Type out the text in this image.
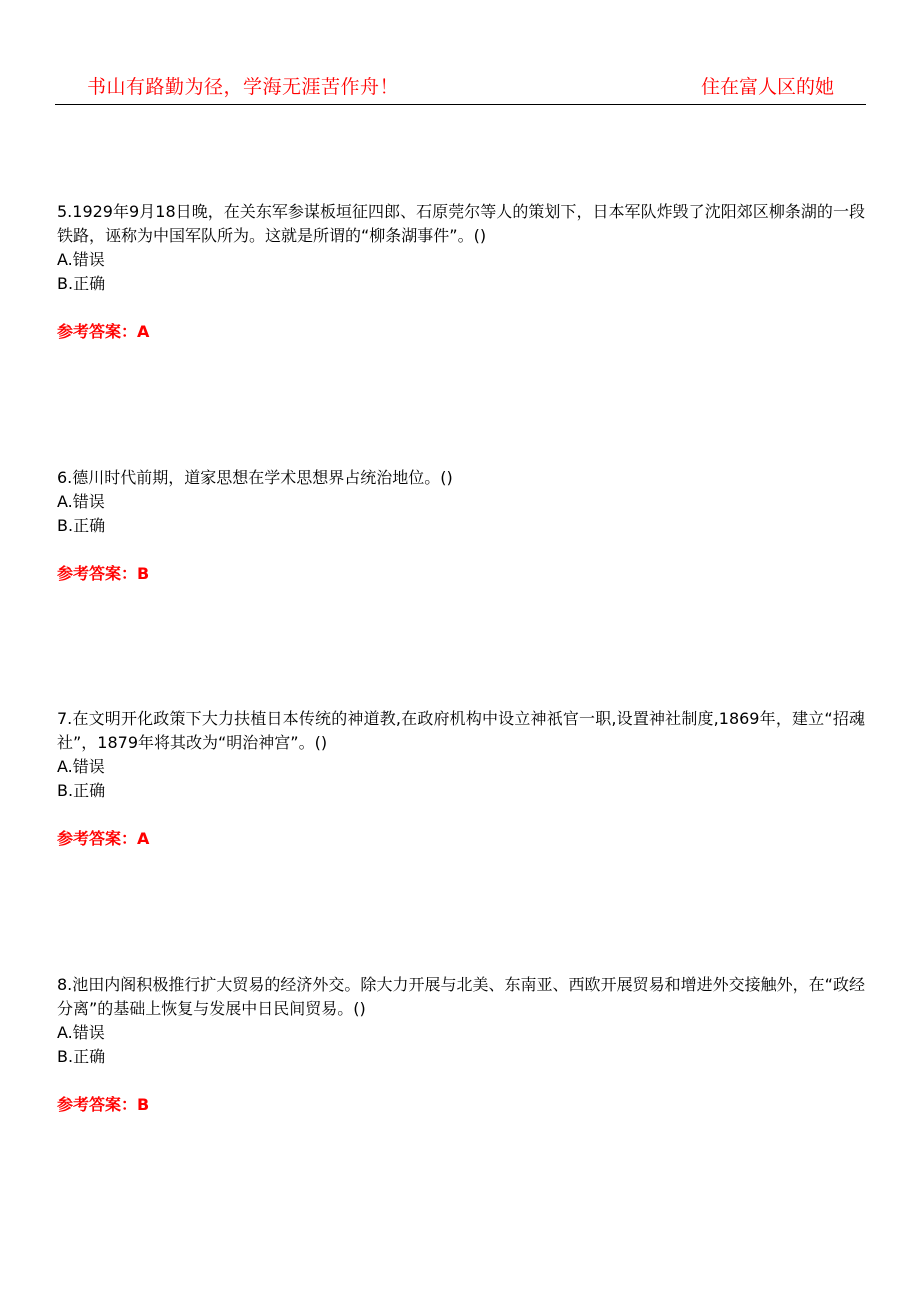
书山有路勤为径，学海无涯苦作舟！	住在富人区的她

5.1929年9月18日晚，在关东军参谋板垣征四郎、石原莞尔等人的策划下，日本军队炸毁了沈阳郊区柳条湖的一段铁路，诬称为中国军队所为。这就是所谓的“柳条湖事件”。()

A.错误

B.正确

参考答案：A

6.德川时代前期，道家思想在学术思想界占统治地位。()

A.错误

B.正确

参考答案：B

7.在文明开化政策下大力扶植日本传统的神道教,在政府机构中设立神祇官一职,设置神社制度,1869年，建立“招魂社”，1879年将其改为“明治神宫”。()

A.错误

B.正确

参考答案：A

8.池田内阁积极推行扩大贸易的经济外交。除大力开展与北美、东南亚、西欧开展贸易和增进外交接触外，在“政经分离”的基础上恢复与发展中日民间贸易。()

A.错误

B.正确

参考答案：B
